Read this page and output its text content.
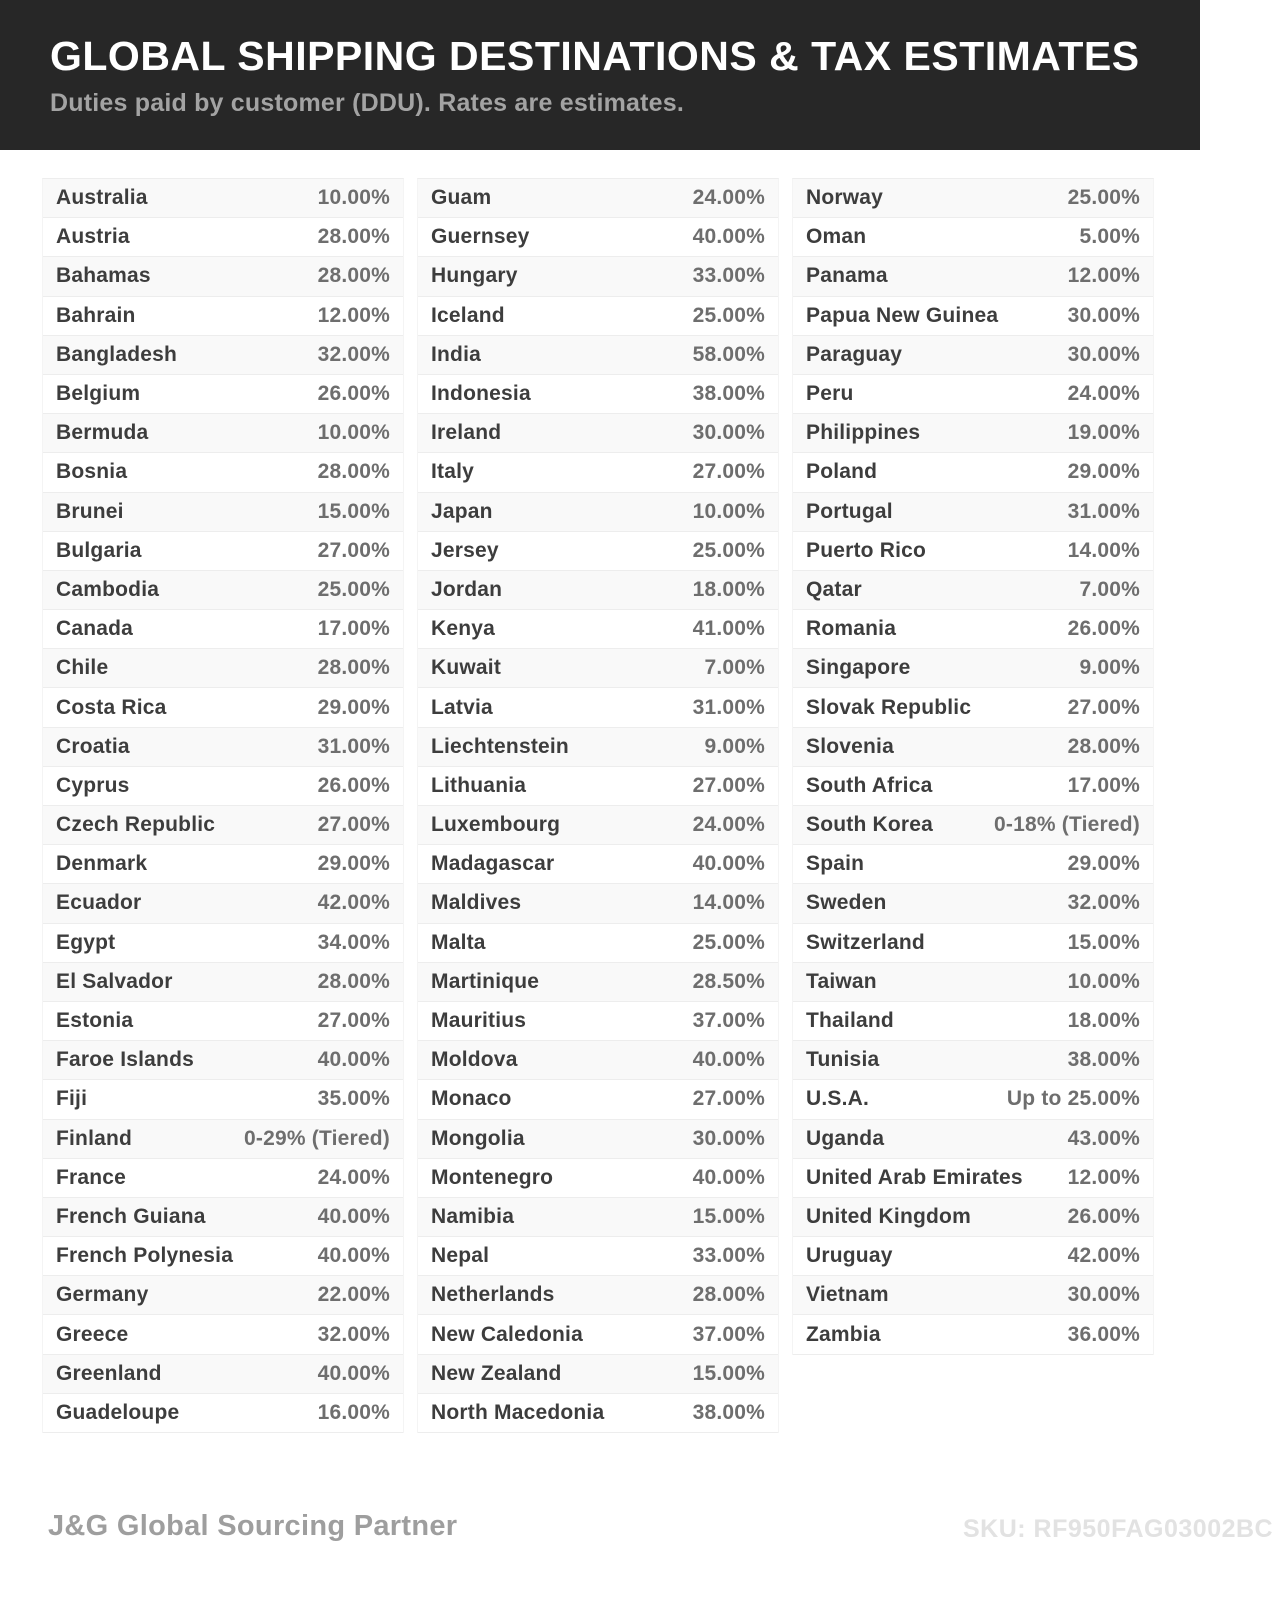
GLOBAL SHIPPING DESTINATIONS & TAX ESTIMATES
Duties paid by customer (DDU). Rates are estimates.
Australia	10.00%
Austria	28.00%
Bahamas	28.00%
Bahrain	12.00%
Bangladesh	32.00%
Belgium	26.00%
Bermuda	10.00%
Bosnia	28.00%
Brunei	15.00%
Bulgaria	27.00%
Cambodia	25.00%
Canada	17.00%
Chile	28.00%
Costa Rica	29.00%
Croatia	31.00%
Cyprus	26.00%
Czech Republic	27.00%
Denmark	29.00%
Ecuador	42.00%
Egypt	34.00%
El Salvador	28.00%
Estonia	27.00%
Faroe Islands	40.00%
Fiji	35.00%
Finland	0-29% (Tiered)
France	24.00%
French Guiana	40.00%
French Polynesia	40.00%
Germany	22.00%
Greece	32.00%
Greenland	40.00%
Guadeloupe	16.00%
Guam	24.00%
Guernsey	40.00%
Hungary	33.00%
Iceland	25.00%
India	58.00%
Indonesia	38.00%
Ireland	30.00%
Italy	27.00%
Japan	10.00%
Jersey	25.00%
Jordan	18.00%
Kenya	41.00%
Kuwait	7.00%
Latvia	31.00%
Liechtenstein	9.00%
Lithuania	27.00%
Luxembourg	24.00%
Madagascar	40.00%
Maldives	14.00%
Malta	25.00%
Martinique	28.50%
Mauritius	37.00%
Moldova	40.00%
Monaco	27.00%
Mongolia	30.00%
Montenegro	40.00%
Namibia	15.00%
Nepal	33.00%
Netherlands	28.00%
New Caledonia	37.00%
New Zealand	15.00%
North Macedonia	38.00%
Norway	25.00%
Oman	5.00%
Panama	12.00%
Papua New Guinea	30.00%
Paraguay	30.00%
Peru	24.00%
Philippines	19.00%
Poland	29.00%
Portugal	31.00%
Puerto Rico	14.00%
Qatar	7.00%
Romania	26.00%
Singapore	9.00%
Slovak Republic	27.00%
Slovenia	28.00%
South Africa	17.00%
South Korea	0-18% (Tiered)
Spain	29.00%
Sweden	32.00%
Switzerland	15.00%
Taiwan	10.00%
Thailand	18.00%
Tunisia	38.00%
U.S.A.	Up to 25.00%
Uganda	43.00%
United Arab Emirates 12.00%
United Kingdom	26.00%
Uruguay	42.00%
Vietnam	30.00%
Zambia	36.00%
J&G Global Sourcing Partner	SKU: RF950FAG03002BC
